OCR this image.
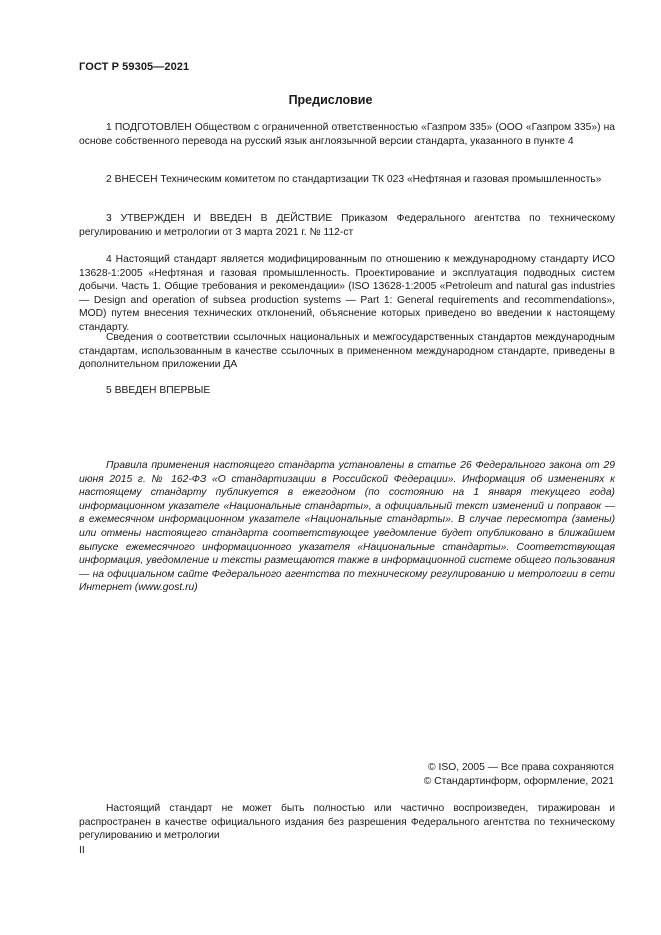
ГОСТ Р 59305—2021
Предисловие

1 ПОДГОТОВЛЕН Обществом с ограниченной ответственностью «Газпром 335» (ООО «Газпром 335») на основе собственного перевода на русский язык англоязычной версии стандарта, указанного в пункте 4

2 ВНЕСЕН Техническим комитетом по стандартизации ТК 023 «Нефтяная и газовая промышленность»

3 УТВЕРЖДЕН И ВВЕДЕН В ДЕЙСТВИЕ Приказом Федерального агентства по техническому регулированию и метрологии от 3 марта 2021 г. № 112-ст

4 Настоящий стандарт является модифицированным по отношению к международному стандарту ИСО 13628-1:2005 «Нефтяная и газовая промышленность. Проектирование и эксплуатация подводных систем добычи. Часть 1. Общие требования и рекомендации» (ISO 13628-1:2005 «Petroleum and natural gas industries — Design and operation of subsea production systems — Part 1: General requirements and recommendations», MOD) путем внесения технических отклонений, объяснение которых приведено во введении к настоящему стандарту.

Сведения о соответствии ссылочных национальных и межгосударственных стандартов международным стандартам, использованным в качестве ссылочных в примененном международном стандарте, приведены в дополнительном приложении ДА

5 ВВЕДЕН ВПЕРВЫЕ

Правила применения настоящего стандарта установлены в статье 26 Федерального закона от 29 июня 2015 г. № 162-ФЗ «О стандартизации в Российской Федерации». Информация об изменениях к настоящему стандарту публикуется в ежегодном (по состоянию на 1 января текущего года) информационном указателе «Национальные стандарты», а официальный текст изменений и поправок — в ежемесячном информационном указателе «Национальные стандарты». В случае пересмотра (замены) или отмены настоящего стандарта соответствующее уведомление будет опубликовано в ближайшем выпуске ежемесячного информационного указателя «Национальные стандарты». Соответствующая информация, уведомление и тексты размещаются также в информационной системе общего пользования — на официальном сайте Федерального агентства по техническому регулированию и метрологии в сети Интернет (www.gost.ru)

© ISO, 2005 — Все права сохраняются
© Стандартинформ, оформление, 2021

Настоящий стандарт не может быть полностью или частично воспроизведен, тиражирован и распространен в качестве официального издания без разрешения Федерального агентства по техническому регулированию и метрологии

II
